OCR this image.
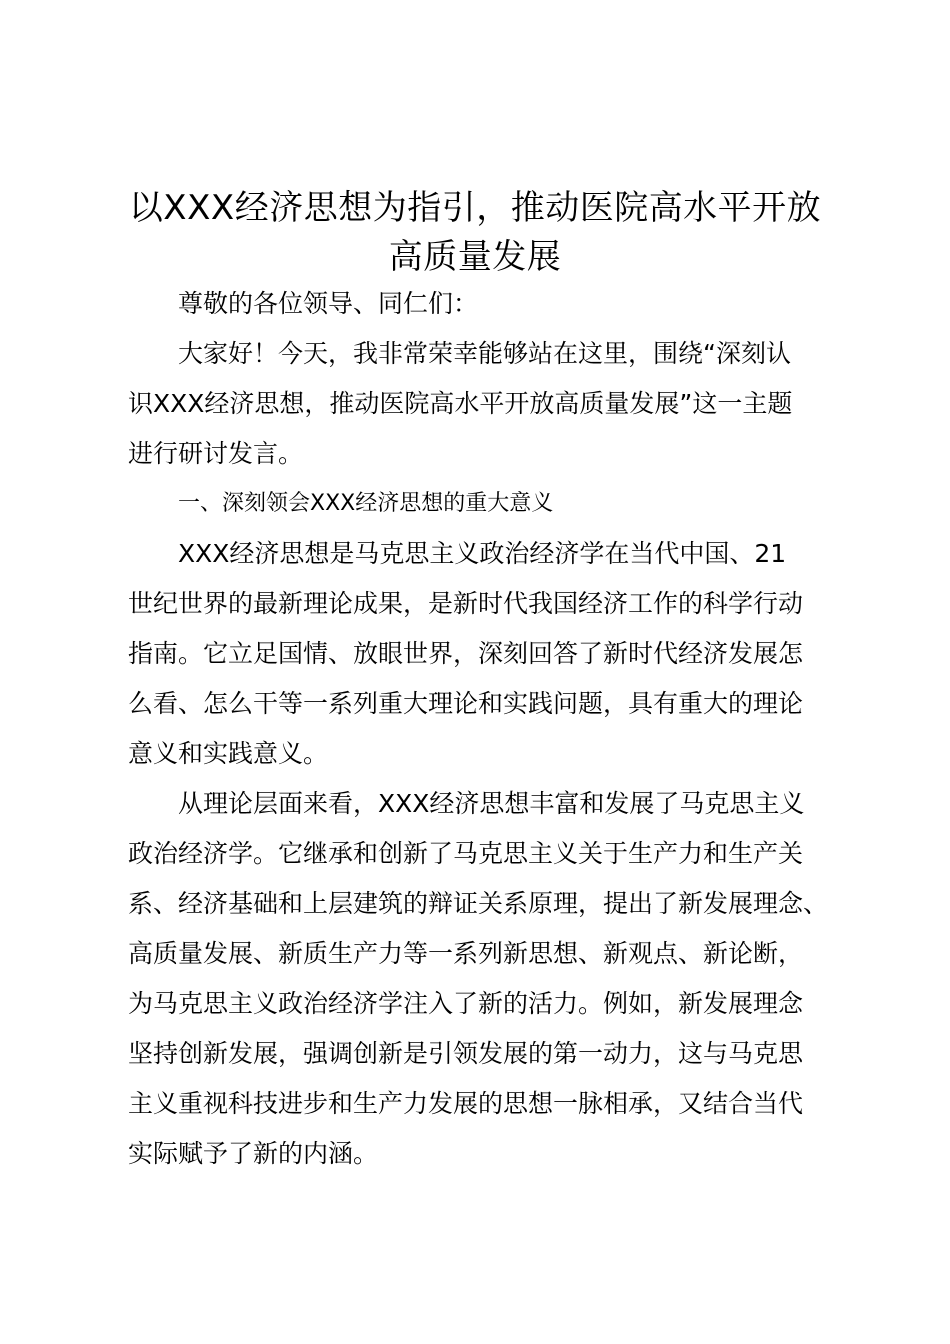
以XXX经济思想为指引，推动医院高水平开放
高质量发展
尊敬的各位领导、同仁们：
大家好！今天，我非常荣幸能够站在这里，围绕“深刻认
识XXX经济思想，推动医院高水平开放高质量发展”这一主题
进行研讨发言。
一、深刻领会XXX经济思想的重大意义
XXX经济思想是马克思主义政治经济学在当代中国、21
世纪世界的最新理论成果，是新时代我国经济工作的科学行动
指南。它立足国情、放眼世界，深刻回答了新时代经济发展怎
么看、怎么干等一系列重大理论和实践问题，具有重大的理论
意义和实践意义。
从理论层面来看，XXX经济思想丰富和发展了马克思主义
政治经济学。它继承和创新了马克思主义关于生产力和生产关
系、经济基础和上层建筑的辩证关系原理，提出了新发展理念、
高质量发展、新质生产力等一系列新思想、新观点、新论断，
为马克思主义政治经济学注入了新的活力。例如，新发展理念
坚持创新发展，强调创新是引领发展的第一动力，这与马克思
主义重视科技进步和生产力发展的思想一脉相承，又结合当代
实际赋予了新的内涵。
